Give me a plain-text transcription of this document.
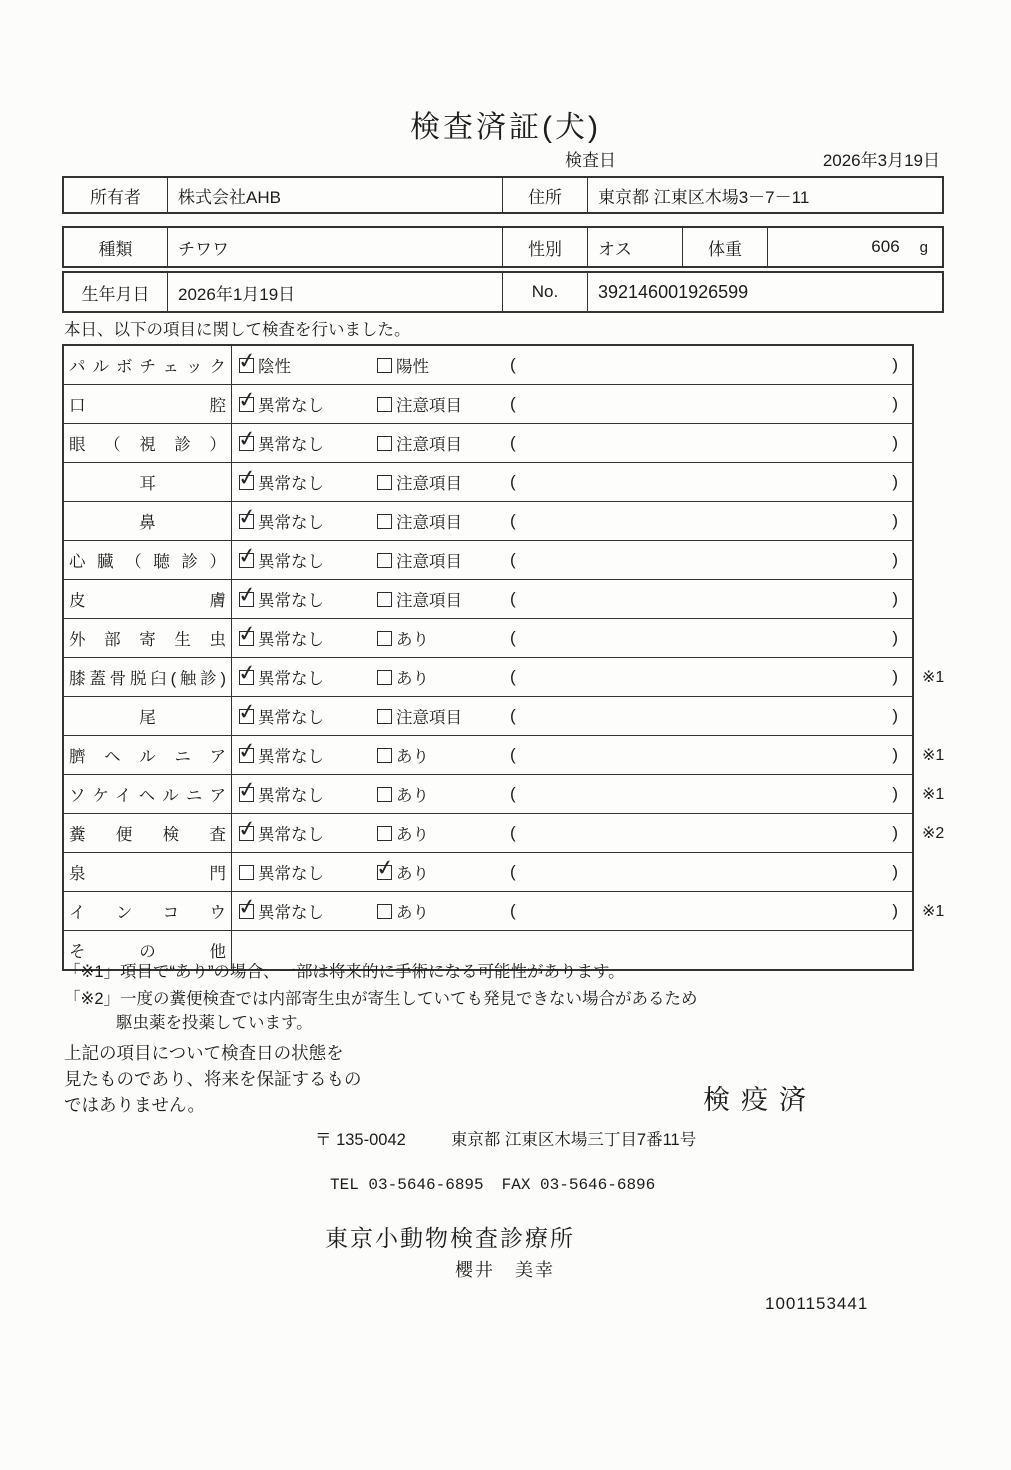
検査済証(犬)
検査日	2026年3月19日
所有者	株式会社AHB	住所	東京都 江東区木場3－7－11
種類	チワワ	性別	オス	体重	606 g
生年月日	2026年1月19日	No.	392146001926599
本日、以下の項目に関して検査を行いました。
パルボチェック ✓ 陰性	陽性	(	)
口 腔 ✓ 異常なし	注意項目	(	)
眼 （ 視 診 ） ✓ 異常なし	注意項目	(	)
耳 ✓	異常なし	注意項目	(	)
鼻 ✓	異常なし	注意項目	(	)
心 臓 （ 聴 診 ） ✓ 異常なし	注意項目	(	)
皮 膚 ✓ 異常なし	注意項目	(	)
外 部 寄 生 虫 ✓ 異常なし	あり	(	)
膝蓋骨脱臼(触診) ✓ 異常なし	あり	(	) ※1
尾 ✓	異常なし	注意項目	(	)
臍 ヘ ル ニ ア ✓ 異常なし	あり	(	) ※1
ソケイヘルニア ✓ 異常なし	あり	(	) ※1
糞 便 検 査 ✓ 異常なし	あり	(	) ※2
泉 門 異常なし ✓	あり	(	)
イ ン コ ウ ✓ 異常なし	あり	(	) ※1
そ の 他
「※1」項目で“あり”の場合、一部は将来的に手術になる可能性があります。
「※2」一度の糞便検査では内部寄生虫が寄生していても発見できない場合があるため
駆虫薬を投薬しています。
上記の項目について検査日の状態を
見たものであり、将来を保証するもの
ではありません。	検疫済
〒 135-0042	東京都 江東区木場三丁目7番11号
TEL 03-5646-6895 FAX 03-5646-6896
東京小動物検査診療所
櫻井　美幸
1001153441
